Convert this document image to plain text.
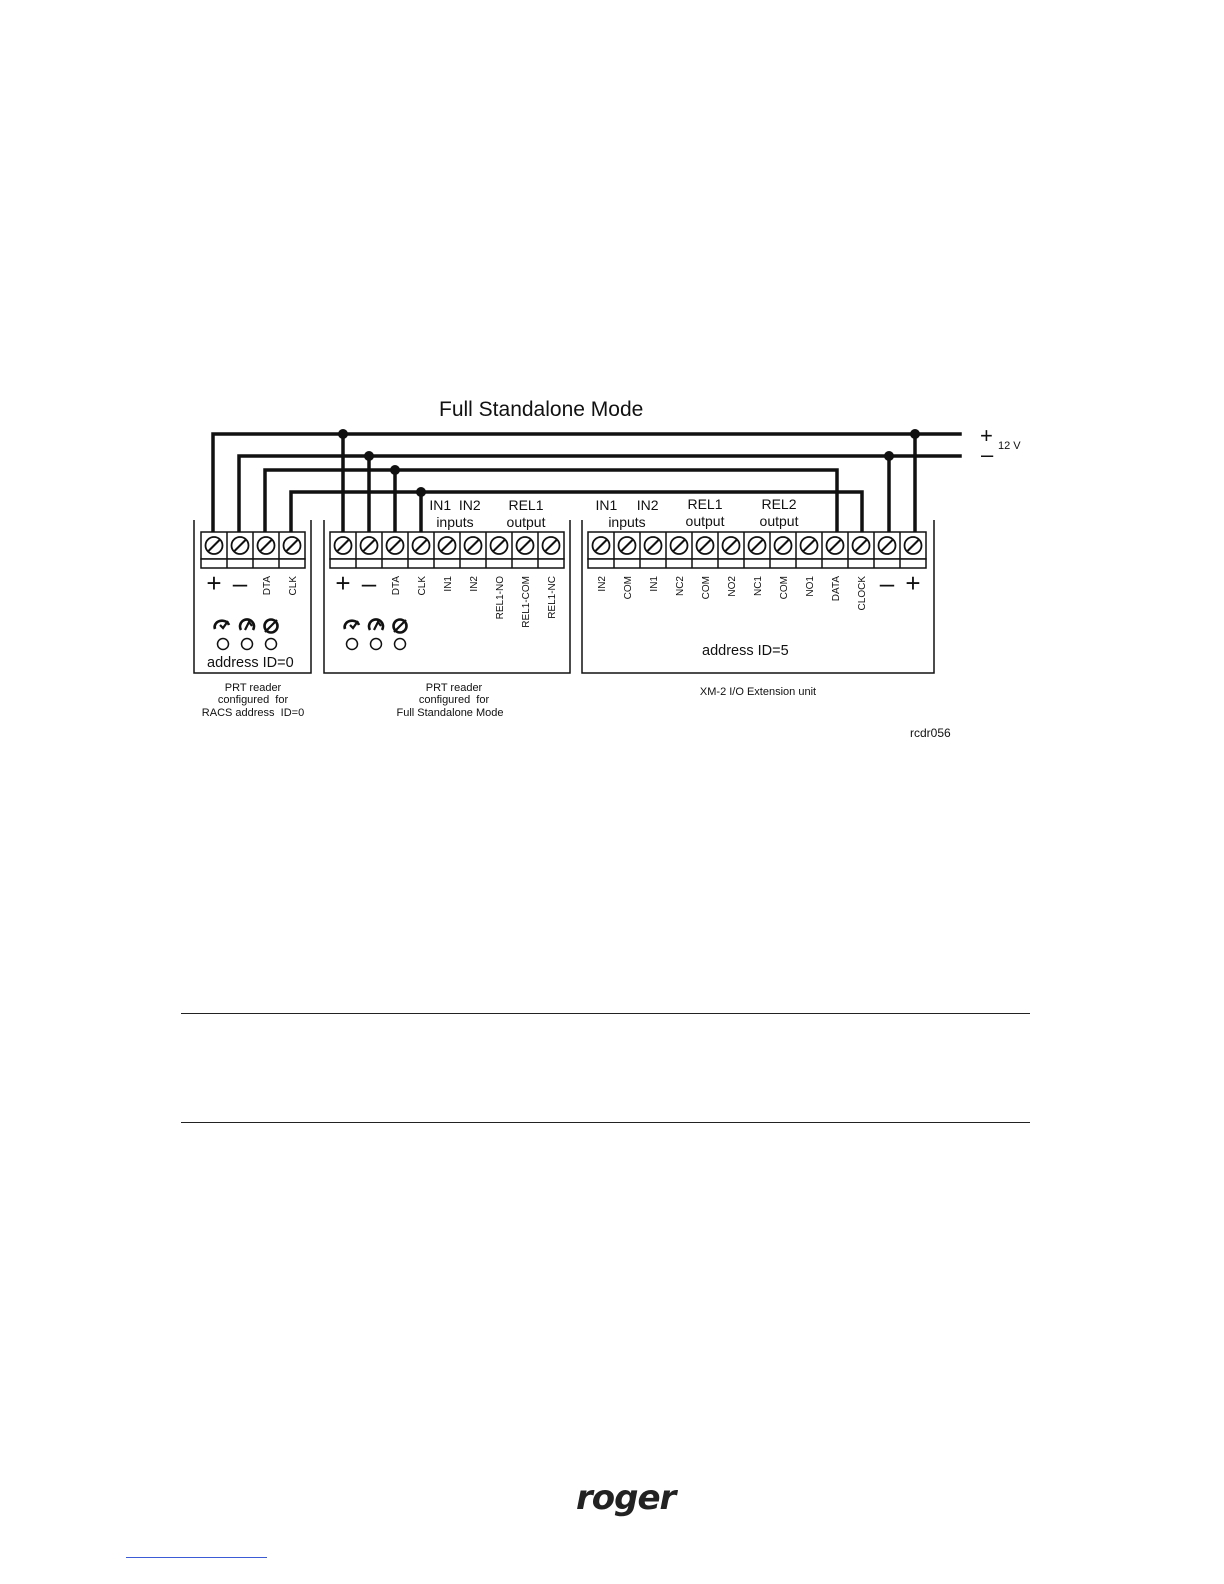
Full Standalone Mode
+ 12 V
–
+ – DTA CLK + – DTA CLK IN1 IN2 REL1-NO REL1-COM REL1-NC	IN2 COM IN1 NC2 COM NO2 NC1 COM NO1 DATA CLOCK – +
IN1  IN2
inputs
REL1
output
IN1     IN2
inputs
REL1
output
REL2
output
address ID=0
address ID=5
PRT reader
configured  for
RACS address  ID=0
PRT reader
configured  for
Full Standalone Mode
XM-2 I/O Extension unit
rcdr056
roger
